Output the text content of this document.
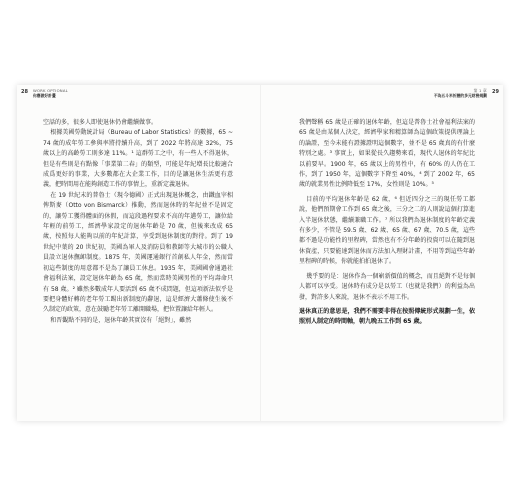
28 WORK OPTIONAL
你應做好計畫

空話的多，很多人即使退休仍會繼續做事。

根據美國勞動統計局（Bureau of Labor Statistics）的數據，65 ~ 74 歲的成年勞工參與率將持續升高，到了 2022 年將高達 32%，75 歲以上的高齡勞工則多達 11%。¹ 這群勞工之中，有一些人不得退休，但是有些則是有點像「事業第二春」的類型，可能是年紀增長比較適合成爲更好的事業，大多數都在大企業工作，目的是讓退休生活更有意義，把時間用在能夠創造工作的事情上，重新定義退休。

在 19 世紀末的普魯士（現今德國）正式出現退休概念，由鐵血宰相俾斯麥（Otto von Bismarck）推動，然而退休時的年紀並不是固定的，讓勞工獲得體面的休假，而這段過程要求不高的年邁勞工，讓位給年輕的前勞工，經濟學家設定的退休年齡是 70 歲，但後來改成 65 歲，按照每人能夠以前的年紀計算，享受到退休制度的對待。到了 19 世紀中葉的 20 世紀初，美國為軍人及消防員和教師等大城市的公職人員設立退休撫卹制度。1875 年，美國運通銀行首創私人年金，然而當初這些制度的用意都不是為了讓員工休息。1935 年，美國國會通過社會福利法案，設定退休年齡為 65 歲，然而當時美國男性的平均壽命只有 58 歲。² 雖然多數成年人要活到 65 歲不成問題，但這項新法似乎是要把身體好轉的老年勞工踢出新制度的辭退，這是經濟大蕭條使生後不久制定的政策，意在鼓勵老年勞工離開職場，把位置讓給年輕人。

和晋觀點不同的是，退休年齡其實沒有「絕對」，雖然

29
第 1 章
不為五斗米折腰的多元財務規劃

我們聲稱 65 歲是正確的退休年齡，但這是普魯士社會福利法案的 65 歲是由某個人決定，經濟學家和精算師為這個政策提供理論上的論證，至今未能有證據證明這個數字，並不是 65 歲真的有什麼特別之處。³ 事實上，如果從長久趨勢來看，現代人退休的年紀比以前要早。1900 年，65 歲以上的男性中，有 60% 的人仍在工作，到了 1950 年，這個數字下降至 40%，⁴ 到了 2002 年，65 歲的就業男性比例降低至 17%，女性則是 10%。⁵

目前的平均退休年齡是 62 歲，⁶ 但近四分之三的現任勞工都說，他們預期會工作到 65 歲之後，三分之二的人則說這個打算進入半退休狀態，繼續兼職工作。⁷ 所以我們為退休制度的年齡定義有多少，不管是 59.5 歲、62 歲、65 歲、67 歲、70.5 歲，這些都不過是功能性的里程碑，當然也有不分年齡的投資可以在隨到退休資產，只要能達到退休而方法加入理財計畫，不用等到這些年齡里程碑的時候，你就能拍拍退休了。

幾乎要的是：退休作為一個嶄新價值的概念，而且絕對不是每個人都可以享受。退休時有成分是以勞工（也就是我們）的利益為出發，對許多人來說，退休不表示不用工作。

退休真正的意思是，我們不需要非得在按照傳統形式規劃一生，依照別人制定的時間軸，朝九晚五工作到 65 歲。
